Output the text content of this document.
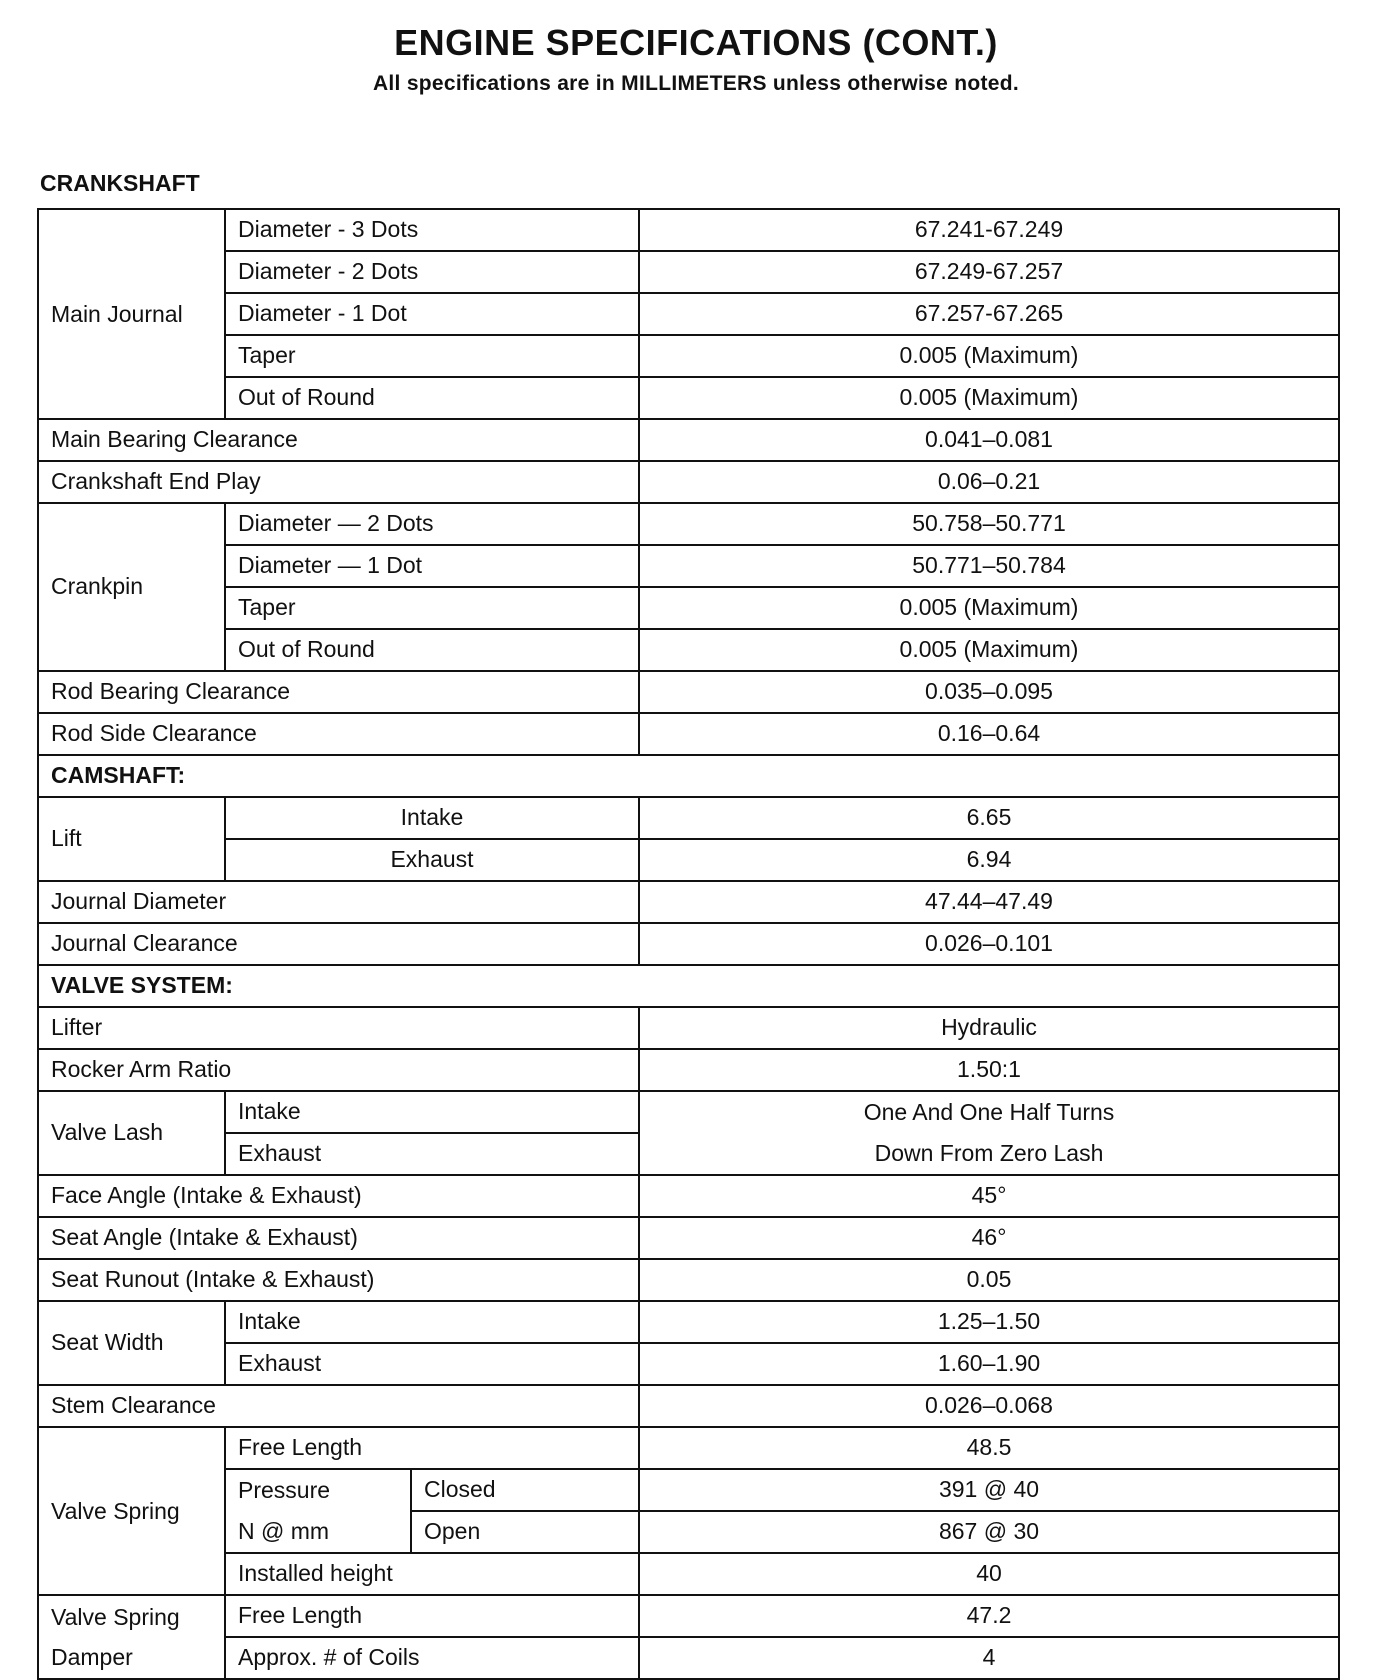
ENGINE SPECIFICATIONS (CONT.)
All specifications are in MILLIMETERS unless otherwise noted.
CRANKSHAFT
Main Journal	Diameter - 3 Dots		67.241-67.249
	Diameter - 2 Dots		67.249-67.257
	Diameter - 1 Dot		67.257-67.265
	Taper		0.005 (Maximum)
	Out of Round		0.005 (Maximum)
Main Bearing Clearance			0.041–0.081
Crankshaft End Play			0.06–0.21
Crankpin	Diameter — 2 Dots		50.758–50.771
	Diameter — 1 Dot		50.771–50.784
	Taper		0.005 (Maximum)
	Out of Round		0.005 (Maximum)
Rod Bearing Clearance			0.035–0.095
Rod Side Clearance			0.16–0.64
CAMSHAFT:			
Lift	Intake		6.65
	Exhaust		6.94
Journal Diameter			47.44–47.49
Journal Clearance			0.026–0.101
VALVE SYSTEM:			
Lifter			Hydraulic
Rocker Arm Ratio			1.50:1
Valve Lash	Intake		One And One Half Turns
	Exhaust		Down From Zero Lash
Face Angle (Intake & Exhaust)			45°
Seat Angle (Intake & Exhaust)			46°
Seat Runout (Intake & Exhaust)			0.05
Seat Width	Intake		1.25–1.50
	Exhaust		1.60–1.90
Stem Clearance			0.026–0.068
Valve Spring	Free Length		48.5
	Pressure	Closed	391 @ 40
	N @ mm	Open	867 @ 30
	Installed height		40
Valve Spring Damper	Free Length		47.2
	Approx. # of Coils		4
